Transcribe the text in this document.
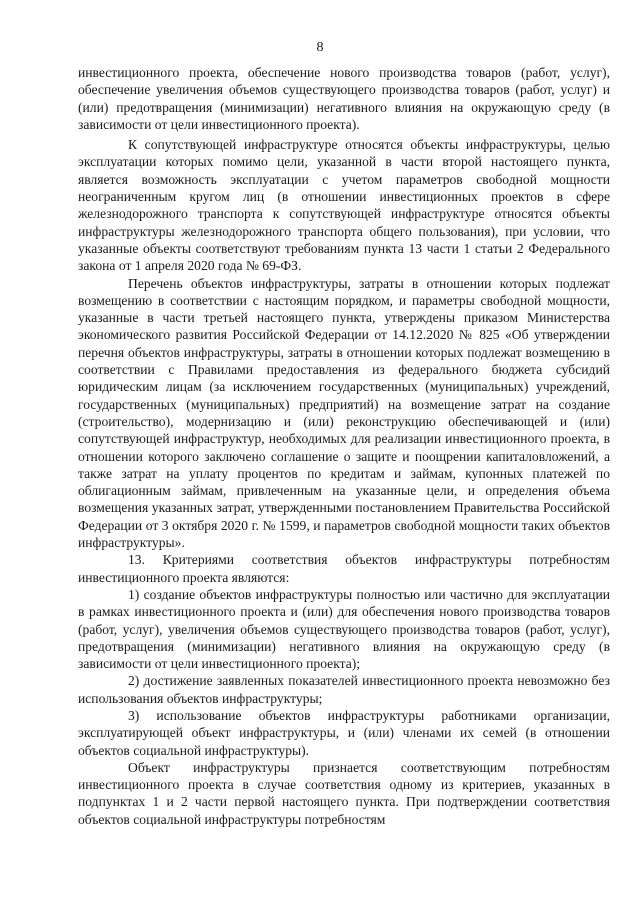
8

инвестиционного проекта, обеспечение нового производства товаров (работ, услуг), обеспечение увеличения объемов существующего производства товаров (работ, услуг) и (или) предотвращения (минимизации) негативного влияния на окружающую среду (в зависимости от цели инвестиционного проекта).

К сопутствующей инфраструктуре относятся объекты инфраструктуры, целью эксплуатации которых помимо цели, указанной в части второй настоящего пункта, является возможность эксплуатации с учетом параметров свободной мощности неограниченным кругом лиц (в отношении инвестиционных проектов в сфере железнодорожного транспорта к сопутствующей инфраструктуре относятся объекты инфраструктуры железнодорожного транспорта общего пользования), при условии, что указанные объекты соответствуют требованиям пункта 13 части 1 статьи 2 Федерального закона от 1 апреля 2020 года № 69-ФЗ.

Перечень объектов инфраструктуры, затраты в отношении которых подлежат возмещению в соответствии с настоящим порядком, и параметры свободной мощности, указанные в части третьей настоящего пункта, утверждены приказом Министерства экономического развития Российской Федерации от 14.12.2020 № 825 «Об утверждении перечня объектов инфраструктуры, затраты в отношении которых подлежат возмещению в соответствии с Правилами предоставления из федерального бюджета субсидий юридическим лицам (за исключением государственных (муниципальных) учреждений, государственных (муниципальных) предприятий) на возмещение затрат на создание (строительство), модернизацию и (или) реконструкцию обеспечивающей и (или) сопутствующей инфраструктур, необходимых для реализации инвестиционного проекта, в отношении которого заключено соглашение о защите и поощрении капиталовложений, а также затрат на уплату процентов по кредитам и займам, купонных платежей по облигационным займам, привлеченным на указанные цели, и определения объема возмещения указанных затрат, утвержденными постановлением Правительства Российской Федерации от 3 октября 2020 г. № 1599, и параметров свободной мощности таких объектов инфраструктуры».

13. Критериями соответствия объектов инфраструктуры потребностям инвестиционного проекта являются:

1) создание объектов инфраструктуры полностью или частично для эксплуатации в рамках инвестиционного проекта и (или) для обеспечения нового производства товаров (работ, услуг), увеличения объемов существующего производства товаров (работ, услуг), предотвращения (минимизации) негативного влияния на окружающую среду (в зависимости от цели инвестиционного проекта);

2) достижение заявленных показателей инвестиционного проекта невозможно без использования объектов инфраструктуры;

3) использование объектов инфраструктуры работниками организации, эксплуатирующей объект инфраструктуры, и (или) членами их семей (в отношении объектов социальной инфраструктуры).

Объект инфраструктуры признается соответствующим потребностям инвестиционного проекта в случае соответствия одному из критериев, указанных в подпунктах 1 и 2 части первой настоящего пункта. При подтверждении соответствия объектов социальной инфраструктуры потребностям
